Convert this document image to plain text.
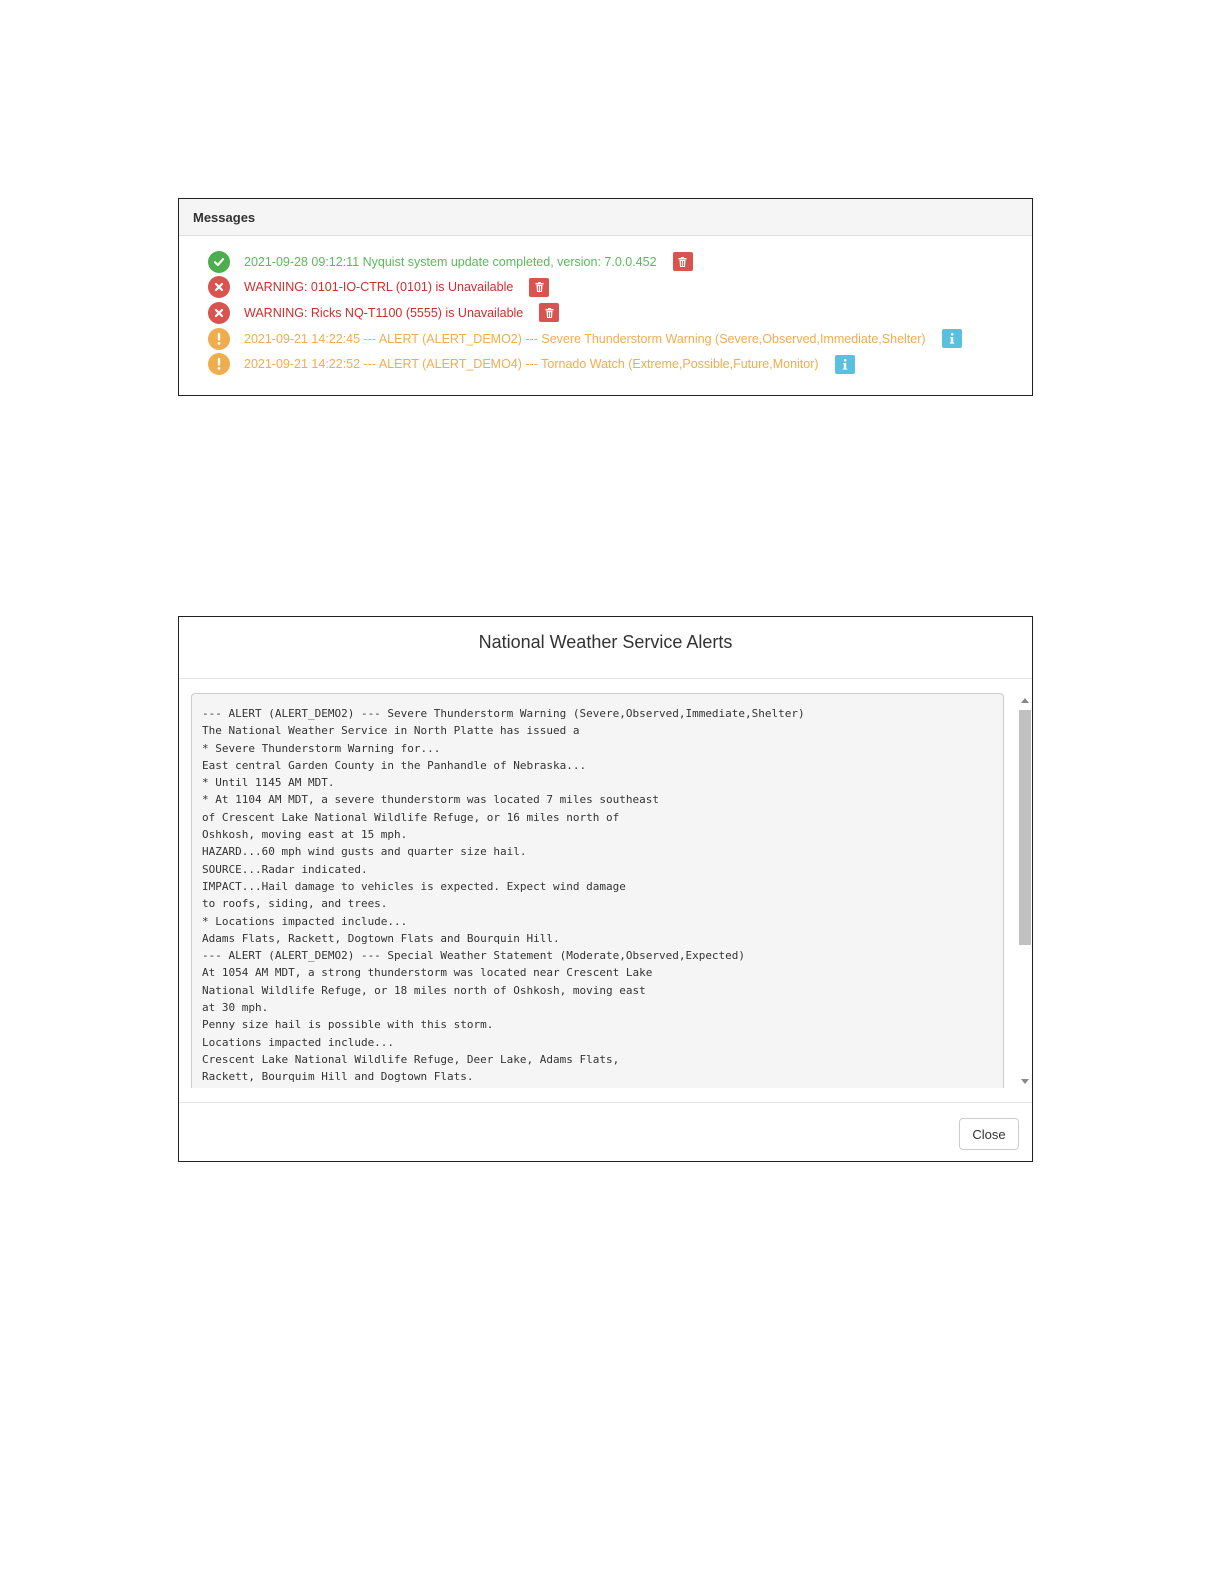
Messages
2021-09-28 09:12:11 Nyquist system update completed, version: 7.0.0.452
WARNING: 0101-IO-CTRL (0101) is Unavailable
WARNING: Ricks NQ-T1100 (5555) is Unavailable
2021-09-21 14:22:45 --- ALERT (ALERT_DEMO2) --- Severe Thunderstorm Warning (Severe,Observed,Immediate,Shelter)
2021-09-21 14:22:52 --- ALERT (ALERT_DEMO4) --- Tornado Watch (Extreme,Possible,Future,Monitor)
National Weather Service Alerts
--- ALERT (ALERT_DEMO2) --- Severe Thunderstorm Warning (Severe,Observed,Immediate,Shelter)
The National Weather Service in North Platte has issued a
* Severe Thunderstorm Warning for...
East central Garden County in the Panhandle of Nebraska...
* Until 1145 AM MDT.
* At 1104 AM MDT, a severe thunderstorm was located 7 miles southeast
of Crescent Lake National Wildlife Refuge, or 16 miles north of
Oshkosh, moving east at 15 mph.
HAZARD...60 mph wind gusts and quarter size hail.
SOURCE...Radar indicated.
IMPACT...Hail damage to vehicles is expected. Expect wind damage
to roofs, siding, and trees.
* Locations impacted include...
Adams Flats, Rackett, Dogtown Flats and Bourquin Hill.
--- ALERT (ALERT_DEMO2) --- Special Weather Statement (Moderate,Observed,Expected)
At 1054 AM MDT, a strong thunderstorm was located near Crescent Lake
National Wildlife Refuge, or 18 miles north of Oshkosh, moving east
at 30 mph.
Penny size hail is possible with this storm.
Locations impacted include...
Crescent Lake National Wildlife Refuge, Deer Lake, Adams Flats,
Rackett, Bourquim Hill and Dogtown Flats.
Close
